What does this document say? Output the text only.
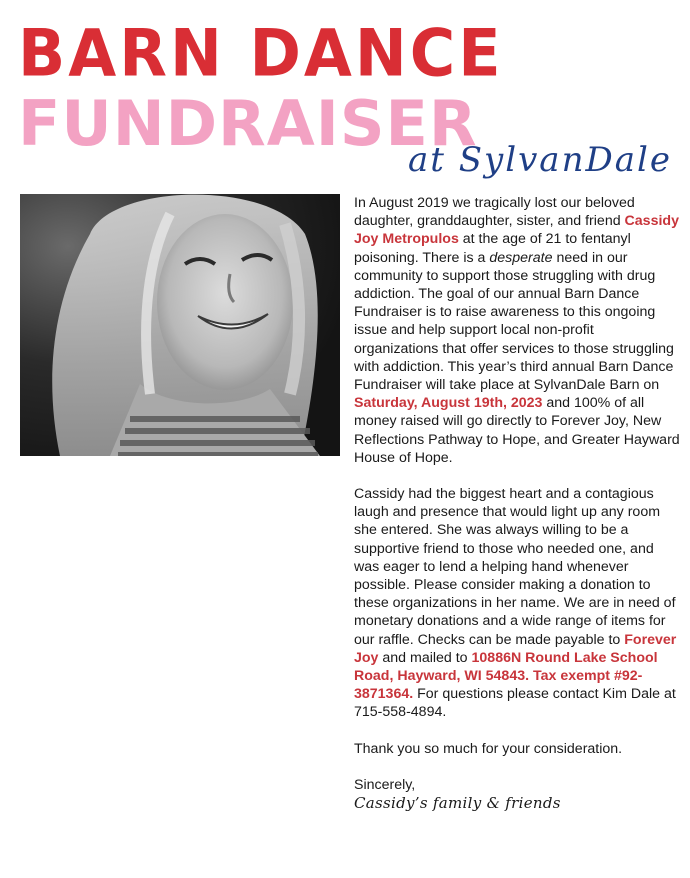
BARN DANCE
FUNDRAISER
at SylvanDale

In August 2019 we tragically lost our beloved daughter, granddaughter, sister, and friend Cassidy Joy Metropulos at the age of 21 to fentanyl poisoning. There is a desperate need in our community to support those struggling with drug addiction. The goal of our annual Barn Dance Fundraiser is to raise awareness to this ongoing issue and help support local non-profit organizations that offer services to those struggling with addiction. This year’s third annual Barn Dance Fundraiser will take place at SylvanDale Barn on Saturday, August 19th, 2023 and 100% of all money raised will go directly to Forever Joy, New Reflections Pathway to Hope, and Greater Hayward House of Hope.

Cassidy had the biggest heart and a contagious laugh and presence that would light up any room she entered. She was always willing to be a supportive friend to those who needed one, and was eager to lend a helping hand whenever possible. Please consider making a donation to these organizations in her name. We are in need of monetary donations and a wide range of items for our raffle. Checks can be made payable to Forever Joy and mailed to 10886N Round Lake School Road, Hayward, WI 54843. Tax exempt #92-3871364. For questions please contact Kim Dale at 715-558-4894.

Thank you so much for your consideration.

Sincerely,
Cassidy’s family & friends
